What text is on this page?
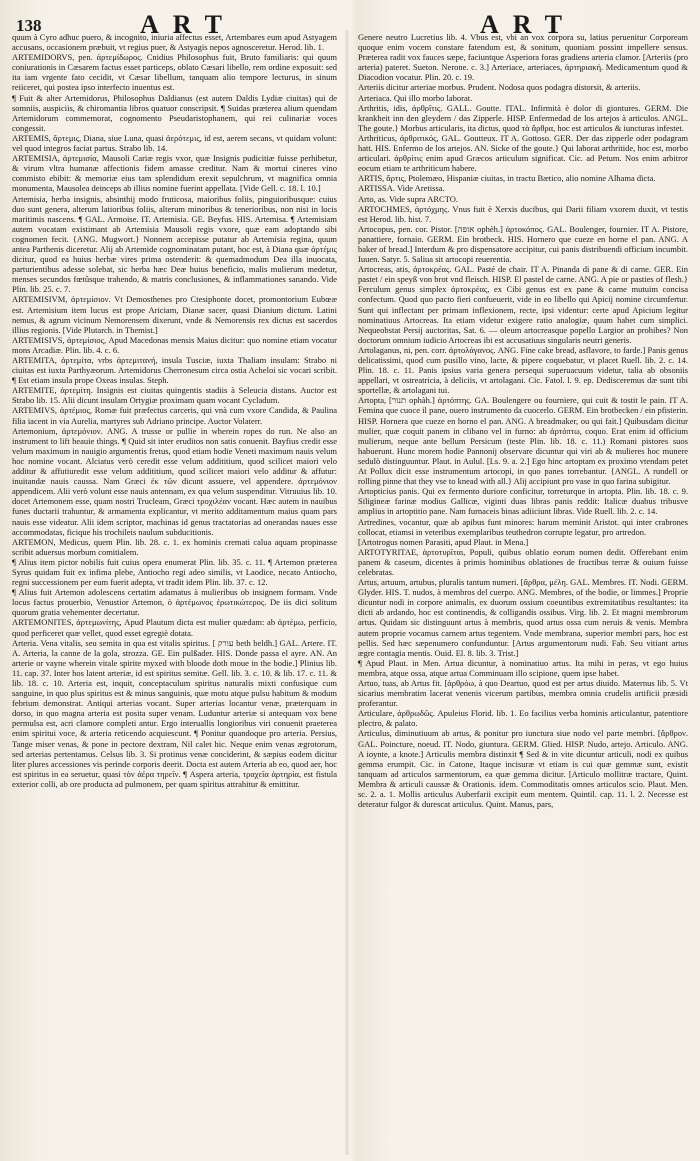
138	ART	ART

quum à Cyro adhuc puero, & incognito, iniuria affectus esset, Artembares eum apud Astyagem accusans, occasionem præbuit, vt regius puer, & Astyagis nepos agnosceretur. Herod. lib. 1.

ARTEMIDORVS, pen. ἀρτεμίδωρος. Cnidius Philosophus fuit, Bruto familiaris: qui quum coniurationis in Cæsarem factus esset particeps, oblato Cæsari libello, rem ordine exposuit: sed ita iam vrgente fato cecidit, vt Cæsar libellum, tanquam alio tempore lecturus, in sinum reiiceret, qui postea ipso interfecto inuentus est.

¶ Fuit & alter Artemidorus, Philosophus Daldianus (est autem Daldis Lydiæ ciuitas) qui de somniis, auspiciis, & chiromantia libros quatuor conscripsit. ¶ Suidas præterea alium quendam Artemidorum commemorat, cognomento Pseudaristophanem, qui rei culinariæ voces congessit.

ARTEMIS, ἄρτεμις, Diana, siue Luna, quasi ἀερότεμις, id est, aerem secans, vt quidam volunt: vel quod integros faciat partus. Strabo lib. 14.

ARTEMISIA, ἀρτεμισία, Mausoli Cariæ regis vxor, quæ Insignis pudicitiæ fuisse perhibetur, & virum vltra humanæ affectionis fidem amasse creditur. Nam & mortui cineres vino commisto ebibit: & memoriæ eius tam splendidum erexit sepulchrum, vt magnifica omnia monumenta, Mausolea deinceps ab illius nomine fuerint appellata. [Vide Gell. c. 18. l. 10.]

Artemisia, herba insignis, absinthij modo fruticosa, maioribus foliis, pinguioribusque: cuius duo sunt genera, alterum latioribus foliis, alterum minoribus & tenerioribus, non nisi in locis maritimis nascens. ¶ GAL. Armoise. IT. Artemisia. GE. Beyfus. HIS. Artemisa. ¶ Artemisiam autem vocatam existimant ab Artemisia Mausoli regis vxore, quæ eam adoptando sibi cognomen fecit. {ANG. Mugwort.} Nonnem accepisse putatur ab Artemisia regina, quum antea Parthenis diceretur. Alij ab Artemide cognominatam putant, hoc est, à Diana quæ ἀρτέμις dicitur, quod ea huius herbæ vires prima ostenderit: & quemadmodum Dea illa inuocata, parturientibus adesse solebat, sic herba hæc Deæ huius beneficio, malis mulierum medetur, menses secundos fœtûsque trahendo, & matris conclusiones, & inflammationes sanando. Vide Plin. lib. 25. c. 7.

ARTEMISIVM, ἀρτεμίσιον. Vt Demosthenes pro Ctesiphonte docet, promontorium Eubœæ est. Artemisium item lucus est prope Ariciam, Dianæ sacer, quasi Dianium dictum. Latini nemus, & agrum vicinum Nemorensem dixerunt, vnde & Nemorensis rex dictus est sacerdos illius regionis. [Vide Plutarch. in Themist.]

ARTEMISIVS, ἀρτεμίσιος, Apud Macedonas mensis Maius dicitur: quo nomine etiam vocatur mons Arcadiæ. Plin. lib. 4. c. 6.

ARTEMITA, ἀρτεμίτα, vrbs ἀρτεμιτανή, insula Tusciæ, iuxta Thaliam insulam: Strabo ni ciuitas est iuxta Parthyæorum. Artemidorus Cherronesum circa ostia Acheloi sic vocari scribit. ¶ Est etiam insula prope Oxeas insulas. Steph.

ARTEMITE, ἀρτεμίτη. Insignis est ciuitas quingentis stadiis à Seleucia distans. Auctor est Strabo lib. 15. Alii dicunt insulam Ortygiæ proximam quam vocant Cycladum.

ARTEMIVS, ἀρτέμιος, Romæ fuit præfectus carceris, qui vnà cum vxore Candida, & Paulina filia iacent in via Aurelia, martyres sub Adriano principe. Auctor Volaterr.

Artemonium, ἀρτεμόνιον. ANG. A trusse or pullie in wherein ropes do run. Ne also an instrument to lift heauie things. ¶ Quid sit inter eruditos non satis conuenit. Bayfius credit esse velum maximum in nauigio argumentis fretus, quod etiam hodie Veneti maximum nauis velum hoc nomine vocant. Alciatus verò ceredit esse velum addititium, quod scilicet maiori velo additur & affutiuredit esse velum addititium, quod scilicet maiori velo additur & affutur: inuitandæ nauis caussa. Nam Græci ἐκ τῶν dicunt assuere, vel appendere. ἀρτεμόνιον appendicem. Alii verò volunt esse nauis antennam, ex qua velum suspenditur. Vitruuius lib. 10. docet Artemonem esse, quam nostri Trucleam, Græci τροχιλέαν vocant. Hæc autem in nauibus funes ductarii trahuntur, & armamenta explicantur, vt merito additamentum maius quam pars nauis esse videatur. Alii idem scriptor, machinas id genus tractatorias ad onerandas naues esse accommodatas, ficique his trochileis naulum subducitionis.

ARTEMON, Medicus, quem Plin. lib. 28. c. 1. ex hominis cremati calua aquam propinasse scribit aduersus morbum comitialem.

¶ Alius item pictor nobilis fuit cuius opera enumerat Plin. lib. 35. c. 11. ¶ Artemon præterea Syrus quidam fuit ex infima plebe, Antiocho regi adeo similis, vt Laodice, necato Antiocho, regni successionem per eum fuerit adepta, vt tradit idem Plin. lib. 37. c. 12.

¶ Alius fuit Artemon adolescens certatim adamatus à mulieribus ob insignem formam. Vnde locus factus prouerbio, Venustior Artemon, ὁ ἀρτέμωνος ἐρωτικώτερος. De iis dici solitum quorum gratia vehementer decertatur.

ARTEMONITES, ἀρτεμωνίτης, Apud Plautum dicta est mulier quædam: ab ἀρτέμω, perficio, quod perficeret quæ vellet, quod esset egregiè dotata.

Arteria. Vena vitalis, seu semita in qua est vitalis spiritus. [ עורק beth beldh.] GAL. Artere. IT. A. Arteria, la canne de la gola, strozza. GE. Ein pulßader. HIS. Donde passa el ayre. AN. An arterie or vayne wherein vitale spirite myxed with bloode doth moue in the bodie.] Plinius lib. 11. cap. 37. Inter hos latent arteriæ, id est spiritus semitæ. Gell. lib. 3. c. 10. & lib. 17. c. 11. & lib. 18. c. 10. Arteria est, inquit, conceptaculum spiritus naturalis mixti confusique cum sanguine, in quo plus spiritus est & minus sanguinis, quæ motu atque pulsu habitum & modum febrium demonstrat. Antiqui arterias vocant. Super arterias locantur venæ, præterquam in dorso, in quo magna arteria est posita super venam. Luduntur arteriæ si antequam vox bene permulsa est, acri clamore completi antur. Ergo interuallis longioribus viri conuenit praeterea enim spiritui voce, & arteria reticendo acquiescunt. ¶ Ponitur quandoque pro arteria. Persius, Tange miser venas, & pone in pectore dextram, Nil calet hic. Neque enim venas ægrotorum, sed arterias pertentamus. Celsus lib. 3. Si protinus venæ conciderint, & sæpius eodem dicitur liter plures accessiones vis perinde corporis deerit. Docta est autem Arteria ab eo, quod aer, hoc est spiritus in ea seruetur, quasi τὸν ἀέρα τηρεῖν. ¶ Aspera arteria, τραχεῖα ἀρτηρία, est fistula exterior colli, ab ore producta ad pulmonem, per quam spiritus attrahitur & emittitur.

Genere neutro Lucretius lib. 4. Vbus est, vbi an vox corpora su, latius peruenitur Corpoream quoque enim vocem constare fatendum est, & sonitum, quoniam possint impellere sensus. Præterea radit vox fauces sæpe, faciuntque Asperiora foras gradiens arteria clamor. [Arteriis (pro arteria) pateret. Sueton. Nerone. c. 3.] Arteriace, arteriaces, ἀρτηριακή. Medicamentum quod & Diacodion vocatur. Plin. 20. c. 19.

Arteriis dicitur arteriae morbus. Prudent. Nodosa quos podagra distorsit, & arteriis.

Arteriaca. Qui illo morbo laborat.

Arthritis, idis, ἀρθρῖτις. GALL. Goutte. ITAL. Infirmità è dolor di giontures. GERM. Die krankheit inn den gleydern / das Zipperle. HISP. Enfermedad de los artejos à articulos. ANGL. The goute.} Morbus articularis, ita dictus, quod τὰ ἄρθρα, hoc est articulos & iuncturas infestet.

Arthriticus, ἀρθριτικός, GAL. Goutteux. IT A. Gottoso. GER. Der das zipperle oder podagram hatt. HIS. Enfermo de los artejos. AN. Sicke of the goute.} Qui laborat arthritide, hoc est, morbo articulari. ἀρθρίτις enim apud Græcos articulum significat. Cic. ad Petum. Nos enim arbitror eocum etiam te arthriticum habere.

ARTIS, ἄρτις, Ptolemæo, Hispaniæ ciuitas, in tractu Bætico, alio nomine Alhama dicta.

ARTISSA. Vide Aretissa.

Arto, as. Vide supra ARCTO.

ARTOCHMES, ἀρτόχμης. Vnus fuit è Xerxis ducibus, qui Darii filiam vxorem duxit, vt testis est Herod. lib. hist. 7.

Artocopus, pen. cor. Pistor. [אופה ophèh.] ἀρτοκόπος. GAL. Boulenger, fournier. IT A. Pistore, panattiere, fornaio. GERM. Ein brotbeck. HIS. Hornero que cueze en horne el pan. ANG. A baker of bread.] Interdum & pro dispensatore accipitur, cui panis distribuendi officium incumbit. Iuuen. Satyr. 5. Saliua sit artocopi reuerentia.

Artocreas, atis, ἀρτοκρέας. GAL. Pasté de chair. IT A. Pinanda di pane & di carne. GER. Ein pastet / ein speyß von brot vnd fleisch. HISP. El pastel de carne. ANG. A pie or pasties of flesh.} Ferculum genus simplex ἀρτοκρέας, ex Cibi genus est ex pane & carne mutuim concisa confectum. Quod quo pacto fieri confueuerit, vide in eo libello qui Apicij nomine circumfertur. Sunt qui inflectant per primam inflexionem, recte, ipsi videntur: certe apud Apicium legitur nominatiuus Artocreas. Ita etiam videtur exigere ratio analogiæ, quum habet cum simplici. Nequeobstat Persij auctoritas, Sat. 6. — oleum artocreasque popello Largior an prohibes? Non doctorum omnium iudicio Artocreas ibi est accusatiuus singularis neutri generis.

Artolaganus, ni, pen. corr. ἀρτολάγανος. ANG. Fine cake bread, asflavore, to farde.] Panis genus delicatissimi, quod cum pusillo vino, lacte, & pipere coquebatur, vt placet Ruell. lib. 2. c. 14. Plin. 18. c. 11. Panis ipsius varia genera persequi superuacuum videtur, talia ab obsoniis appellari, vt ostreatricia, à deliciis, vt artolagani. Cic. Fatol. l. 9. ep. Dedisceremus dæ sunt tibi sportellæ, & artolagani tui.

Artopta, [תנור ophàh.] ἀρτόπτης. GA. Boulengere ou fourniere, qui cuit & tostit le pain. IT A. Femina que cuoce il pane, ouero instrumento da cuocerlo. GERM. Ein brotbecken / ein pfisterin. HISP. Hornera que cueze en horno el pan. ANG. A breadmaker, ou qui fait.] Quibusdam dicitur mulier, quæ coquit panem in clibano vel in furno: ab ἀρτόπτω, coquo. Erat enim id officium mulierum, neque ante bellum Persicum (teste Plin. lib. 18. c. 11.) Romani pistores suos habuerunt. Hunc morem hodie Pannonij observare dicuntur qui viri ab & mulieres hoc munere sedulò distinguuntur. Plaut. in Aulul. [Ls. 9. a. 2.] Ego hinc artoptam ex proximo vtendam petet At Pollux dicit esse instrumentum artocopi, in quo panes torrebantur. {ANGL. A rundell or rolling pinne that they vse to knead with all.} Alij accipiunt pro vase in quo farina subigitur.

Artopticius panis. Qui ex fermento duriore conficitur, torreturque in artopta. Plin. lib. 18. c. 9. Siligineæ farinæ modius Gallicæ, viginti duas libras panis reddit: Italicæ duabus tribusve amplius in artoptitio pane. Nam furnaceis binas adiiciunt libras. Vide Ruell. lib. 2. c. 14.

Artredines, vocantur, quæ ab apibus funt minores: harum meminit Aristot. qui inter crabrones collocat, etiamsi in veteribus exemplaribus teuthedron corrupte legatur, pro artredon.

[Artotrogus nomen Parasiti, apud Plaut. in Mena.]

ARTOTYRITAE, ἀρτοτυρῖται, Populi, quibus oblatio eorum nomen dedit. Offerebant enim panem & caseum, dicentes à primis hominibus oblationes de fructibus terræ & ouium fuisse celebratas.

Artus, artuum, artubus, pluralis tantum numeri. [ἄρθρα, μέλη. GAL. Membres. IT. Nodi. GERM. Glyder. HIS. T. nudos, à membros del cuerpo. ANG. Membres, of the bodie, or limmes.] Proprie dicuntur nodi in corpore animalis, ex duorum ossium coeuntibus extremitatibus resultantes: ita dicti ab ardando, hoc est continendis, & colligandis ossibus. Virg. lib. 2. Et magni membrorum artus. Quidam sic distinguunt artus à membris, quod artus ossa cum neruis & venis. Membra autem proprie vocamus carnem artus tegentem. Vnde membrana, superior membri pars, hoc est pellis. Sed hæc sæpenumero confunduntur. [Artus argumentorum nudi. Fab. Seu vitiant artus ægre contagia mentis. Ouid. El. 8. lib. 3. Trist.]

¶ Apud Plaut. in Men. Artua dicuntur, à nominatiuo artus. Ita mihi in peras, vt ego huius membra, atque ossa, atque artua Comminuam illo scipione, quem ipse habet.

Artuo, tuas, ab Artus fit. [ἀρθρόω, à quo Deartuo, quod est per artus diuido. Maternus lib. 5. Vt sicarius membratim lacerat venenis vicerum partibus, membra omnia crudelis artificii præsidi proferantur.

Articulare, ἀρθρωδῶς. Apuleius Florid. lib. 1. Eo facilius verba hominis articulantur, patentiore plectro, & palato.

Articulus, diminutiuum ab artus, & ponitur pro iunctura siue nodo vel parte membri. [ἄρθρον. GAL. Poincture, noeud. IT. Nodo, giuntura. GERM. Glied. HISP. Nudo, artejo. Articulo. ANG. A ioynte, a knote.] Articulis membra distinxit ¶ Sed & in vite dicuntur articuli, nodi ex quibus gemma erumpit. Cic. in Catone, Itaque incisuræ vt etiam is cui quæ gemmæ sunt, existit tanquam ad articulos sarmentorum, ea quæ gemma dicitur. [Articulo mollitræ tractare, Quint. Membra & articuli caussæ & Orationis. idem. Commoditatis omnes articulos scio. Plaut. Men. sc. 2. a. 1. Mollis articulus Auberfarii excipit eum mentem. Quintil. cap. 11. l. 2. Necesse est deteratur fulgor & durescat articulus. Quint. Manus, pars,
